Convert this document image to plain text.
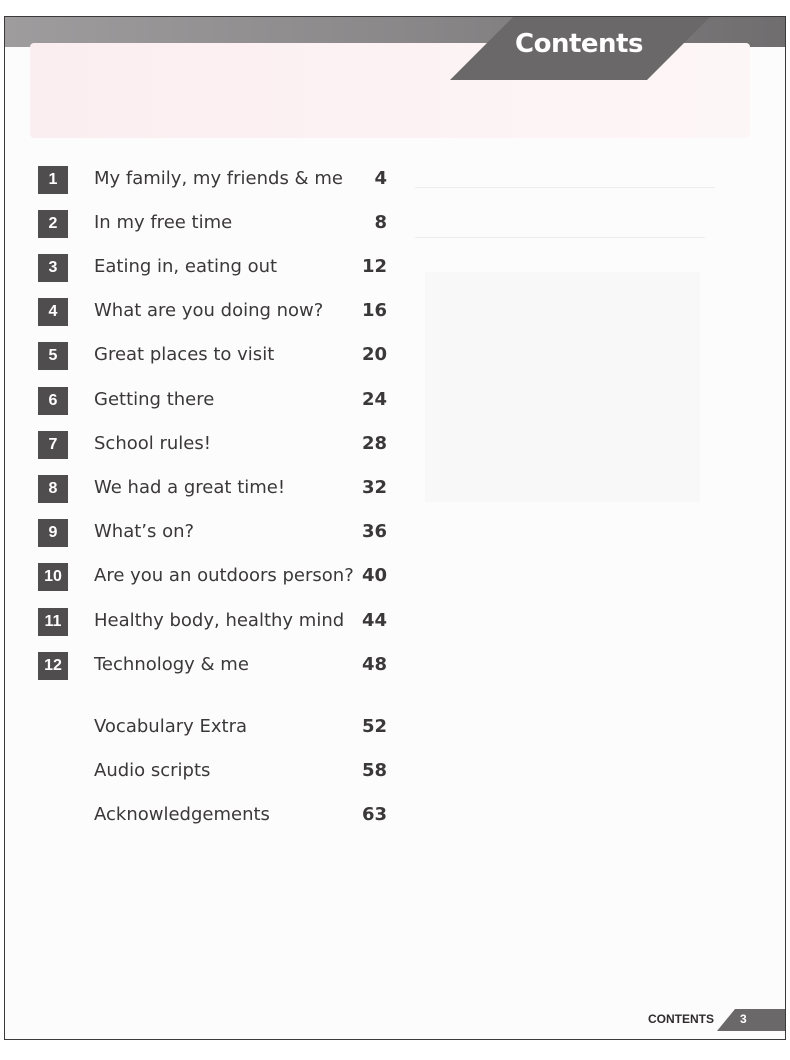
Contents
1	My family, my friends & me 4
2	In my free time	8
3	Eating in, eating out	12
4	What are you doing now? 16
5	Great places to visit	20
6	Getting there	24
7	School rules!	28
8	We had a great time!	32
9	What’s on?	36
10	Are you an outdoors person? 40
11	Healthy body, healthy mind 44
12	Technology & me	48
Vocabulary Extra	52
Audio scripts	58
Acknowledgements	63
CONTENTS 3
